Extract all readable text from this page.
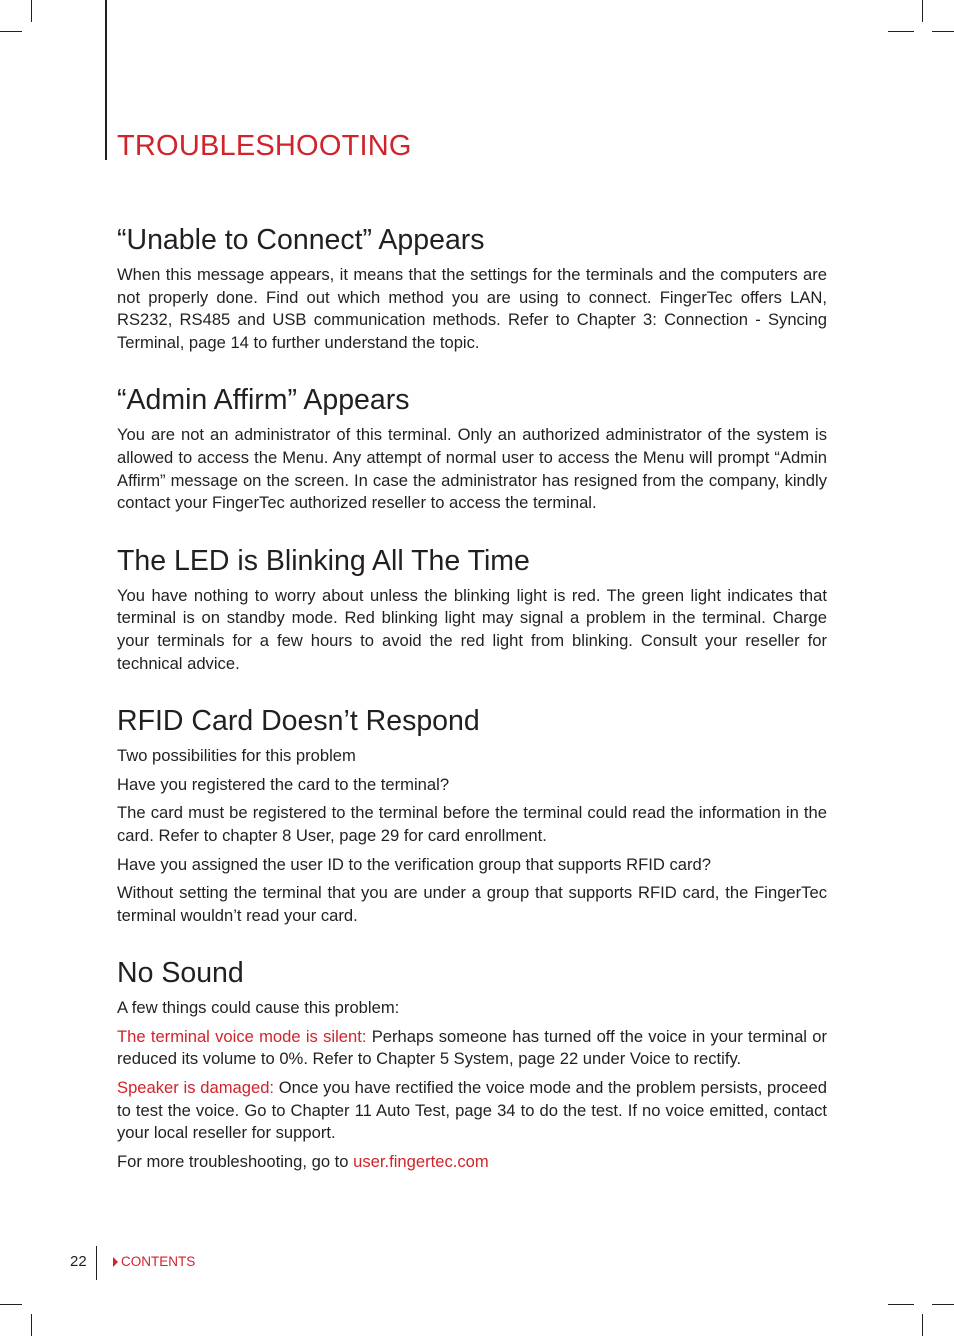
TROUBLESHOOTING
“Unable to Connect” Appears

When this message appears, it means that the settings for the terminals and the computers are not properly done. Find out which method you are using to connect. FingerTec offers LAN, RS232, RS485 and USB communication methods. Refer to Chapter 3: Connection - Syncing Terminal, page 14 to further understand the topic.

“Admin Affirm” Appears

You are not an administrator of this terminal. Only an authorized administrator of the system is allowed to access the Menu. Any attempt of normal user to access the Menu will prompt “Admin Affirm” message on the screen. In case the administrator has resigned from the company, kindly contact your FingerTec authorized reseller to access the terminal.

The LED is Blinking All The Time

You have nothing to worry about unless the blinking light is red. The green light indicates that terminal is on standby mode. Red blinking light may signal a problem in the terminal. Charge your terminals for a few hours to avoid the red light from blinking. Consult your reseller for technical advice.

RFID Card Doesn’t Respond

Two possibilities for this problem

Have you registered the card to the terminal?

The card must be registered to the terminal before the terminal could read the information in the card. Refer to chapter 8 User, page 29 for card enrollment.

Have you assigned the user ID to the verification group that supports RFID card?

Without setting the terminal that you are under a group that supports RFID card, the FingerTec terminal wouldn’t read your card.

No Sound

A few things could cause this problem:

The terminal voice mode is silent: Perhaps someone has turned off the voice in your terminal or reduced its volume to 0%. Refer to Chapter 5 System, page 22 under Voice to rectify.

Speaker is damaged: Once you have rectified the voice mode and the problem persists, proceed to test the voice. Go to Chapter 11 Auto Test, page 34 to do the test. If no voice emitted, contact your local reseller for support.

For more troubleshooting, go to user.fingertec.com

22	CONTENTS
